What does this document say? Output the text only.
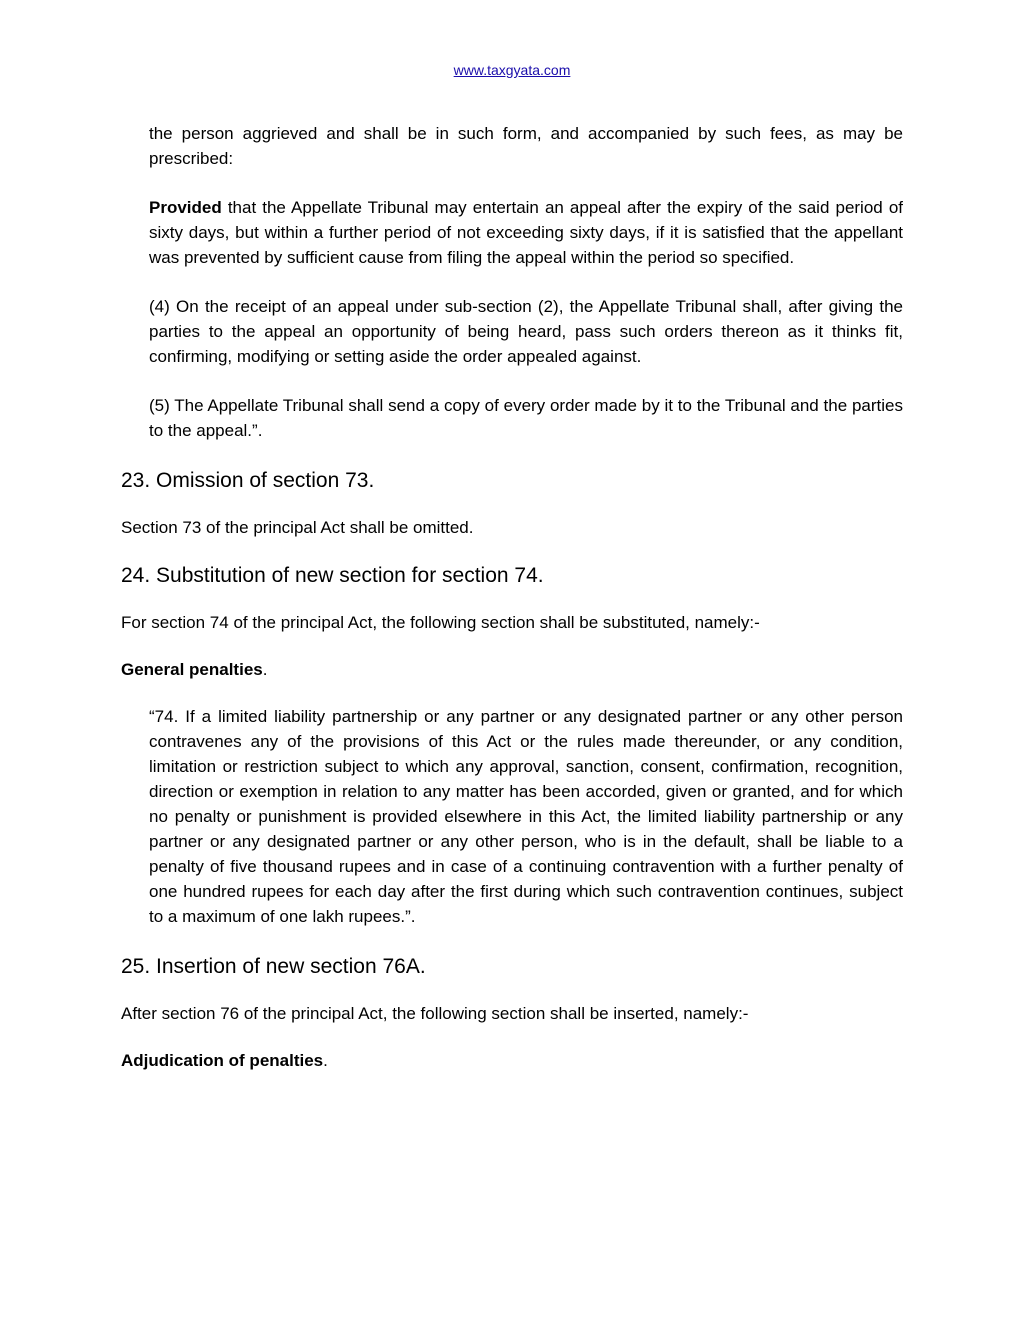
www.taxgyata.com

the person aggrieved and shall be in such form, and accompanied by such fees, as may be prescribed:

Provided that the Appellate Tribunal may entertain an appeal after the expiry of the said period of sixty days, but within a further period of not exceeding sixty days, if it is satisfied that the appellant was prevented by sufficient cause from filing the appeal within the period so specified.

(4) On the receipt of an appeal under sub-section (2), the Appellate Tribunal shall, after giving the parties to the appeal an opportunity of being heard, pass such orders thereon as it thinks fit, confirming, modifying or setting aside the order appealed against.

(5) The Appellate Tribunal shall send a copy of every order made by it to the Tribunal and the parties to the appeal.”.

23. Omission of section 73.

Section 73 of the principal Act shall be omitted.

24. Substitution of new section for section 74.

For section 74 of the principal Act, the following section shall be substituted, namely:-

General penalties.

“74. If a limited liability partnership or any partner or any designated partner or any other person contravenes any of the provisions of this Act or the rules made thereunder, or any condition, limitation or restriction subject to which any approval, sanction, consent, confirmation, recognition, direction or exemption in relation to any matter has been accorded, given or granted, and for which no penalty or punishment is provided elsewhere in this Act, the limited liability partnership or any partner or any designated partner or any other person, who is in the default, shall be liable to a penalty of five thousand rupees and in case of a continuing contravention with a further penalty of one hundred rupees for each day after the first during which such contravention continues, subject to a maximum of one lakh rupees.”.

25. Insertion of new section 76A.

After section 76 of the principal Act, the following section shall be inserted, namely:-

Adjudication of penalties.
